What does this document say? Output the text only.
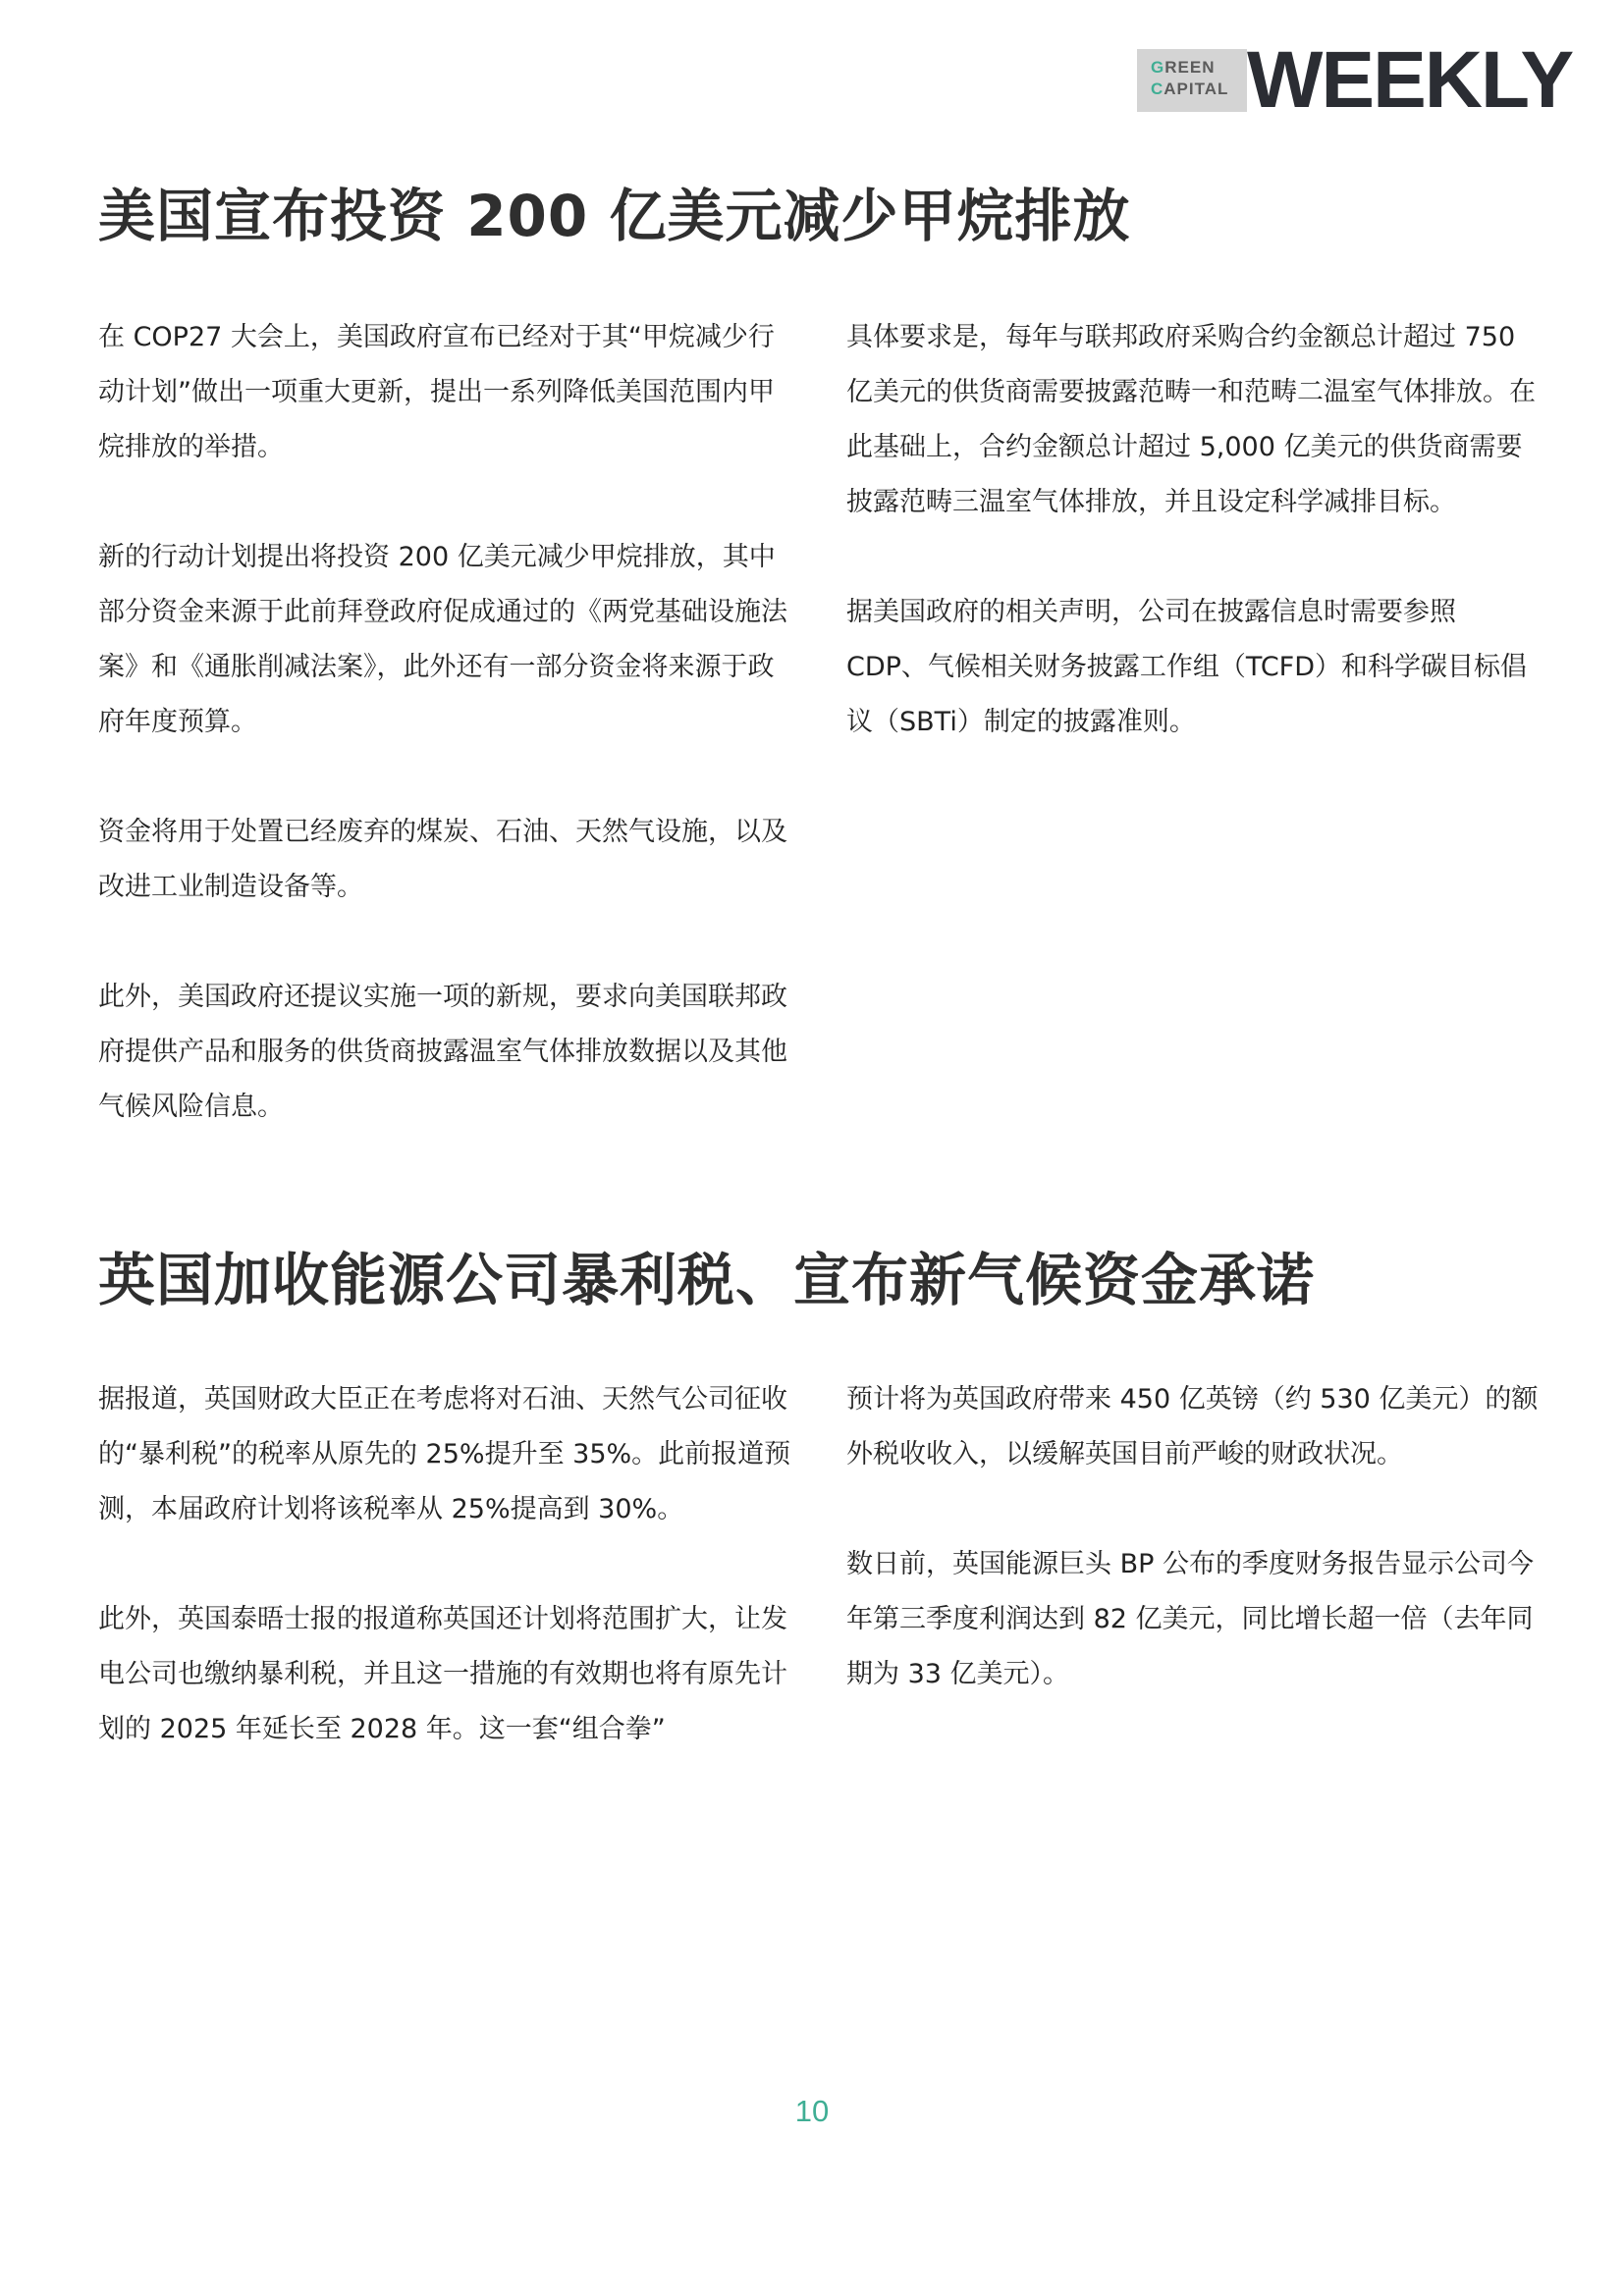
GREEN
CAPITAL WEEKLY
美国宣布投资 200 亿美元减少甲烷排放

在 COP27 大会上，美国政府宣布已经对于其“甲烷减少行动计划”做出一项重大更新，提出一系列降低美国范围内甲烷排放的举措。

新的行动计划提出将投资 200 亿美元减少甲烷排放，其中部分资金来源于此前拜登政府促成通过的《两党基础设施法案》和《通胀削减法案》，此外还有一部分资金将来源于政府年度预算。

资金将用于处置已经废弃的煤炭、石油、天然气设施，以及改进工业制造设备等。

此外，美国政府还提议实施一项的新规，要求向美国联邦政府提供产品和服务的供货商披露温室气体排放数据以及其他气候风险信息。

具体要求是，每年与联邦政府采购合约金额总计超过 750 亿美元的供货商需要披露范畴一和范畴二温室气体排放。在此基础上，合约金额总计超过 5,000 亿美元的供货商需要披露范畴三温室气体排放，并且设定科学减排目标。

据美国政府的相关声明，公司在披露信息时需要参照 CDP、气候相关财务披露工作组（TCFD）和科学碳目标倡议（SBTi）制定的披露准则。

英国加收能源公司暴利税、宣布新气候资金承诺

据报道，英国财政大臣正在考虑将对石油、天然气公司征收的“暴利税”的税率从原先的 25%提升至 35%。此前报道预测，本届政府计划将该税率从 25%提高到 30%。

此外，英国泰晤士报的报道称英国还计划将范围扩大，让发电公司也缴纳暴利税，并且这一措施的有效期也将有原先计划的 2025 年延长至 2028 年。这一套“组合拳”

预计将为英国政府带来 450 亿英镑（约 530 亿美元）的额外税收收入，以缓解英国目前严峻的财政状况。

数日前，英国能源巨头 BP 公布的季度财务报告显示公司今年第三季度利润达到 82 亿美元，同比增长超一倍（去年同期为 33 亿美元）。

10
